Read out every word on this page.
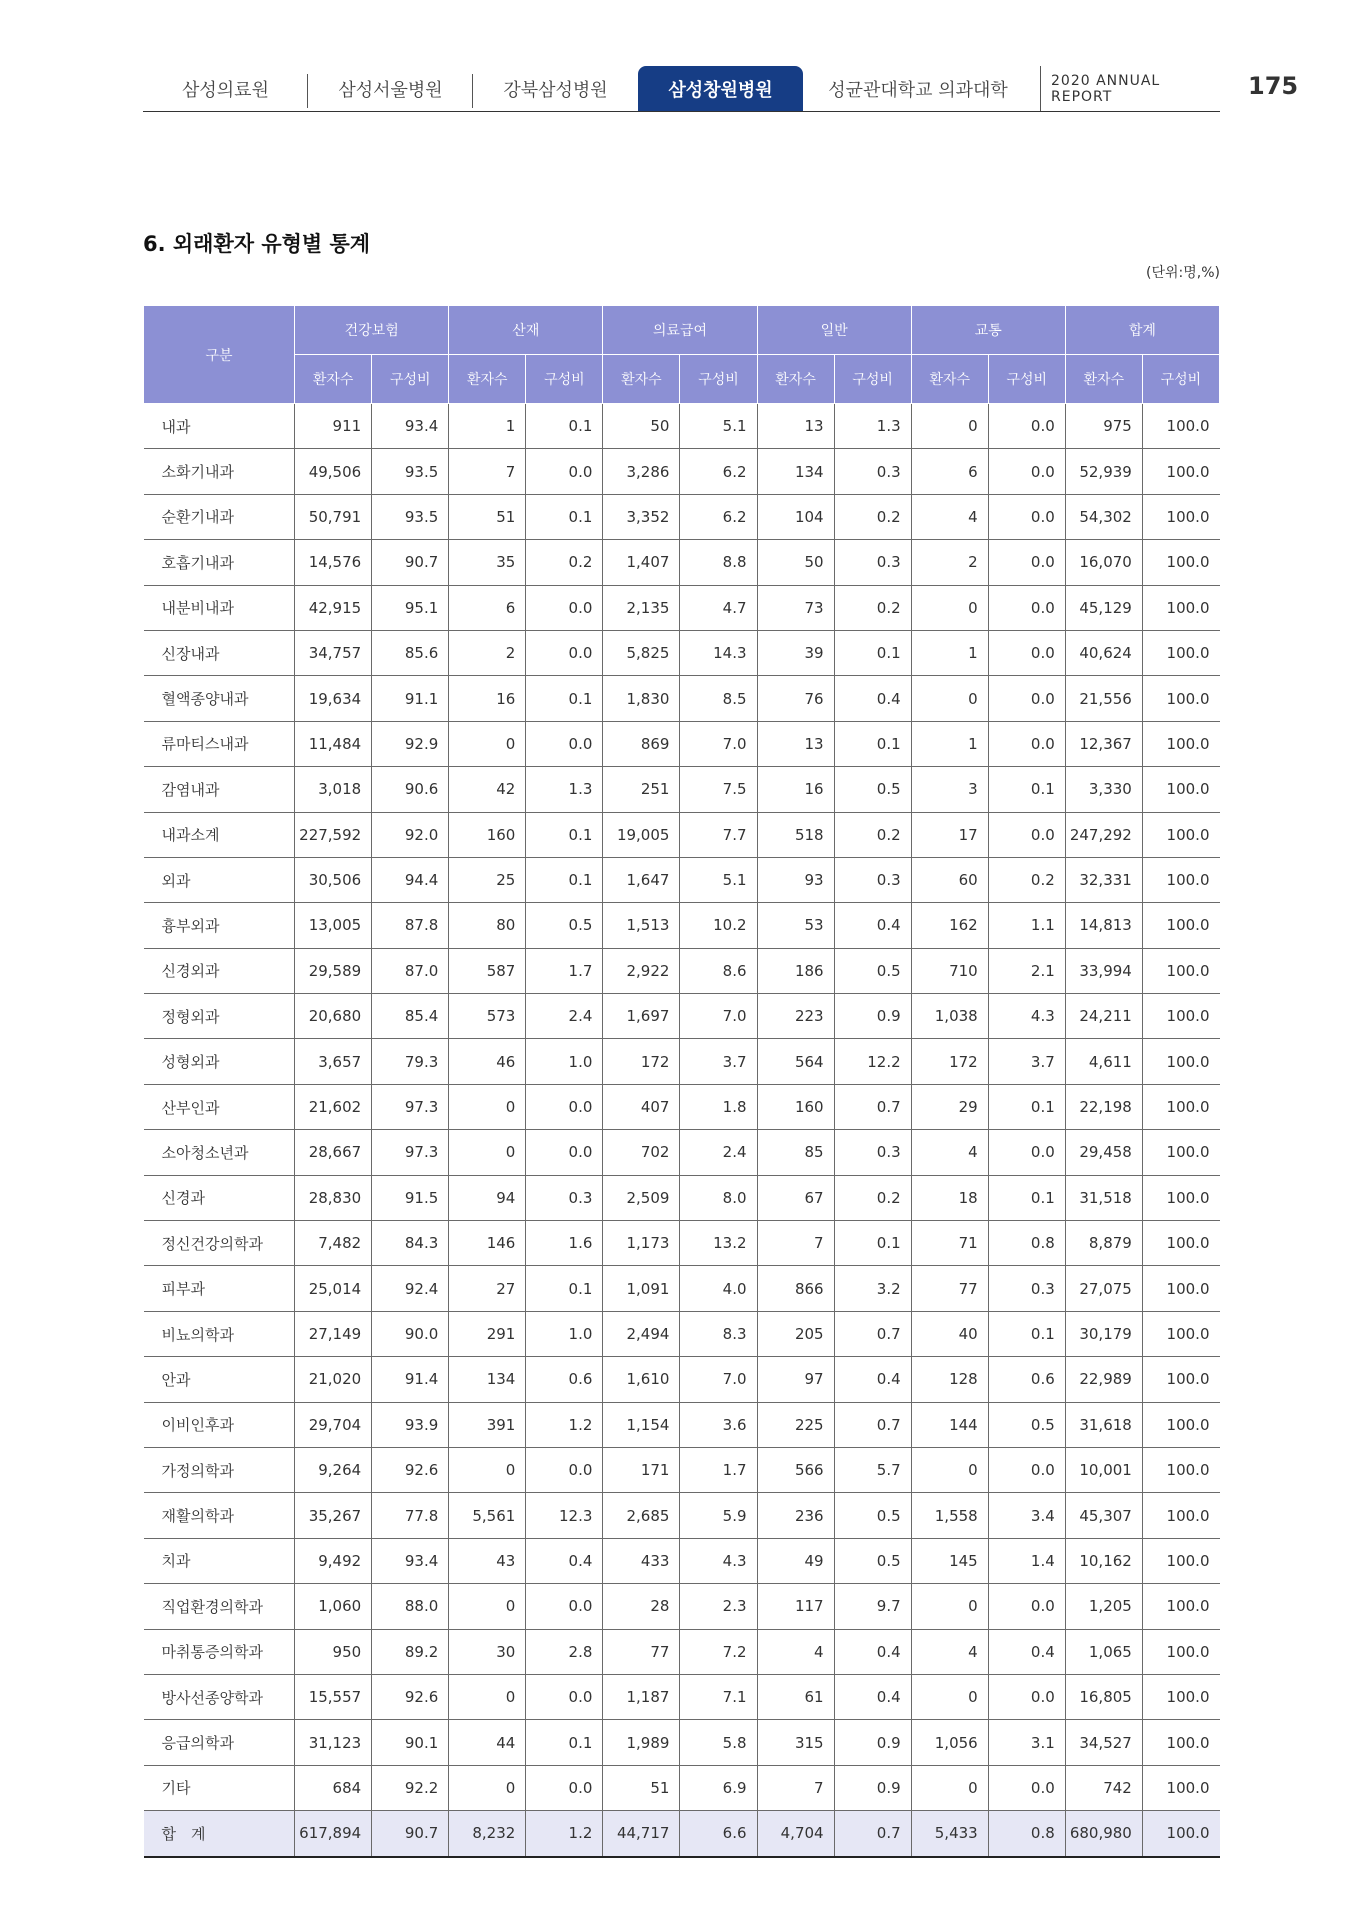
삼성의료원	삼성서울병원	강북삼성병원	삼성창원병원	성균관대학교 의과대학	2020 ANNUAL REPORT	175
6. 외래환자 유형별 통계
(단위:명,%)
구분	건강보험		산재		의료급여		일반		교통		합계	
	환자수	구성비	환자수	구성비	환자수	구성비	환자수	구성비	환자수	구성비	환자수	구성비
내과	911	93.4	1	0.1	50	5.1	13	1.3	0	0.0	975	100.0
소화기내과	49,506	93.5	7	0.0	3,286	6.2	134	0.3	6	0.0	52,939	100.0
순환기내과	50,791	93.5	51	0.1	3,352	6.2	104	0.2	4	0.0	54,302	100.0
호흡기내과	14,576	90.7	35	0.2	1,407	8.8	50	0.3	2	0.0	16,070	100.0
내분비내과	42,915	95.1	6	0.0	2,135	4.7	73	0.2	0	0.0	45,129	100.0
신장내과	34,757	85.6	2	0.0	5,825	14.3	39	0.1	1	0.0	40,624	100.0
혈액종양내과	19,634	91.1	16	0.1	1,830	8.5	76	0.4	0	0.0	21,556	100.0
류마티스내과	11,484	92.9	0	0.0	869	7.0	13	0.1	1	0.0	12,367	100.0
감염내과	3,018	90.6	42	1.3	251	7.5	16	0.5	3	0.1	3,330	100.0
내과소계	227,592	92.0	160	0.1	19,005	7.7	518	0.2	17	0.0	247,292	100.0
외과	30,506	94.4	25	0.1	1,647	5.1	93	0.3	60	0.2	32,331	100.0
흉부외과	13,005	87.8	80	0.5	1,513	10.2	53	0.4	162	1.1	14,813	100.0
신경외과	29,589	87.0	587	1.7	2,922	8.6	186	0.5	710	2.1	33,994	100.0
정형외과	20,680	85.4	573	2.4	1,697	7.0	223	0.9	1,038	4.3	24,211	100.0
성형외과	3,657	79.3	46	1.0	172	3.7	564	12.2	172	3.7	4,611	100.0
산부인과	21,602	97.3	0	0.0	407	1.8	160	0.7	29	0.1	22,198	100.0
소아청소년과	28,667	97.3	0	0.0	702	2.4	85	0.3	4	0.0	29,458	100.0
신경과	28,830	91.5	94	0.3	2,509	8.0	67	0.2	18	0.1	31,518	100.0
정신건강의학과	7,482	84.3	146	1.6	1,173	13.2	7	0.1	71	0.8	8,879	100.0
피부과	25,014	92.4	27	0.1	1,091	4.0	866	3.2	77	0.3	27,075	100.0
비뇨의학과	27,149	90.0	291	1.0	2,494	8.3	205	0.7	40	0.1	30,179	100.0
안과	21,020	91.4	134	0.6	1,610	7.0	97	0.4	128	0.6	22,989	100.0
이비인후과	29,704	93.9	391	1.2	1,154	3.6	225	0.7	144	0.5	31,618	100.0
가정의학과	9,264	92.6	0	0.0	171	1.7	566	5.7	0	0.0	10,001	100.0
재활의학과	35,267	77.8	5,561	12.3	2,685	5.9	236	0.5	1,558	3.4	45,307	100.0
치과	9,492	93.4	43	0.4	433	4.3	49	0.5	145	1.4	10,162	100.0
직업환경의학과	1,060	88.0	0	0.0	28	2.3	117	9.7	0	0.0	1,205	100.0
마취통증의학과	950	89.2	30	2.8	77	7.2	4	0.4	4	0.4	1,065	100.0
방사선종양학과	15,557	92.6	0	0.0	1,187	7.1	61	0.4	0	0.0	16,805	100.0
응급의학과	31,123	90.1	44	0.1	1,989	5.8	315	0.9	1,056	3.1	34,527	100.0
기타	684	92.2	0	0.0	51	6.9	7	0.9	0	0.0	742	100.0
합　계	617,894	90.7	8,232	1.2	44,717	6.6	4,704	0.7	5,433	0.8	680,980	100.0
